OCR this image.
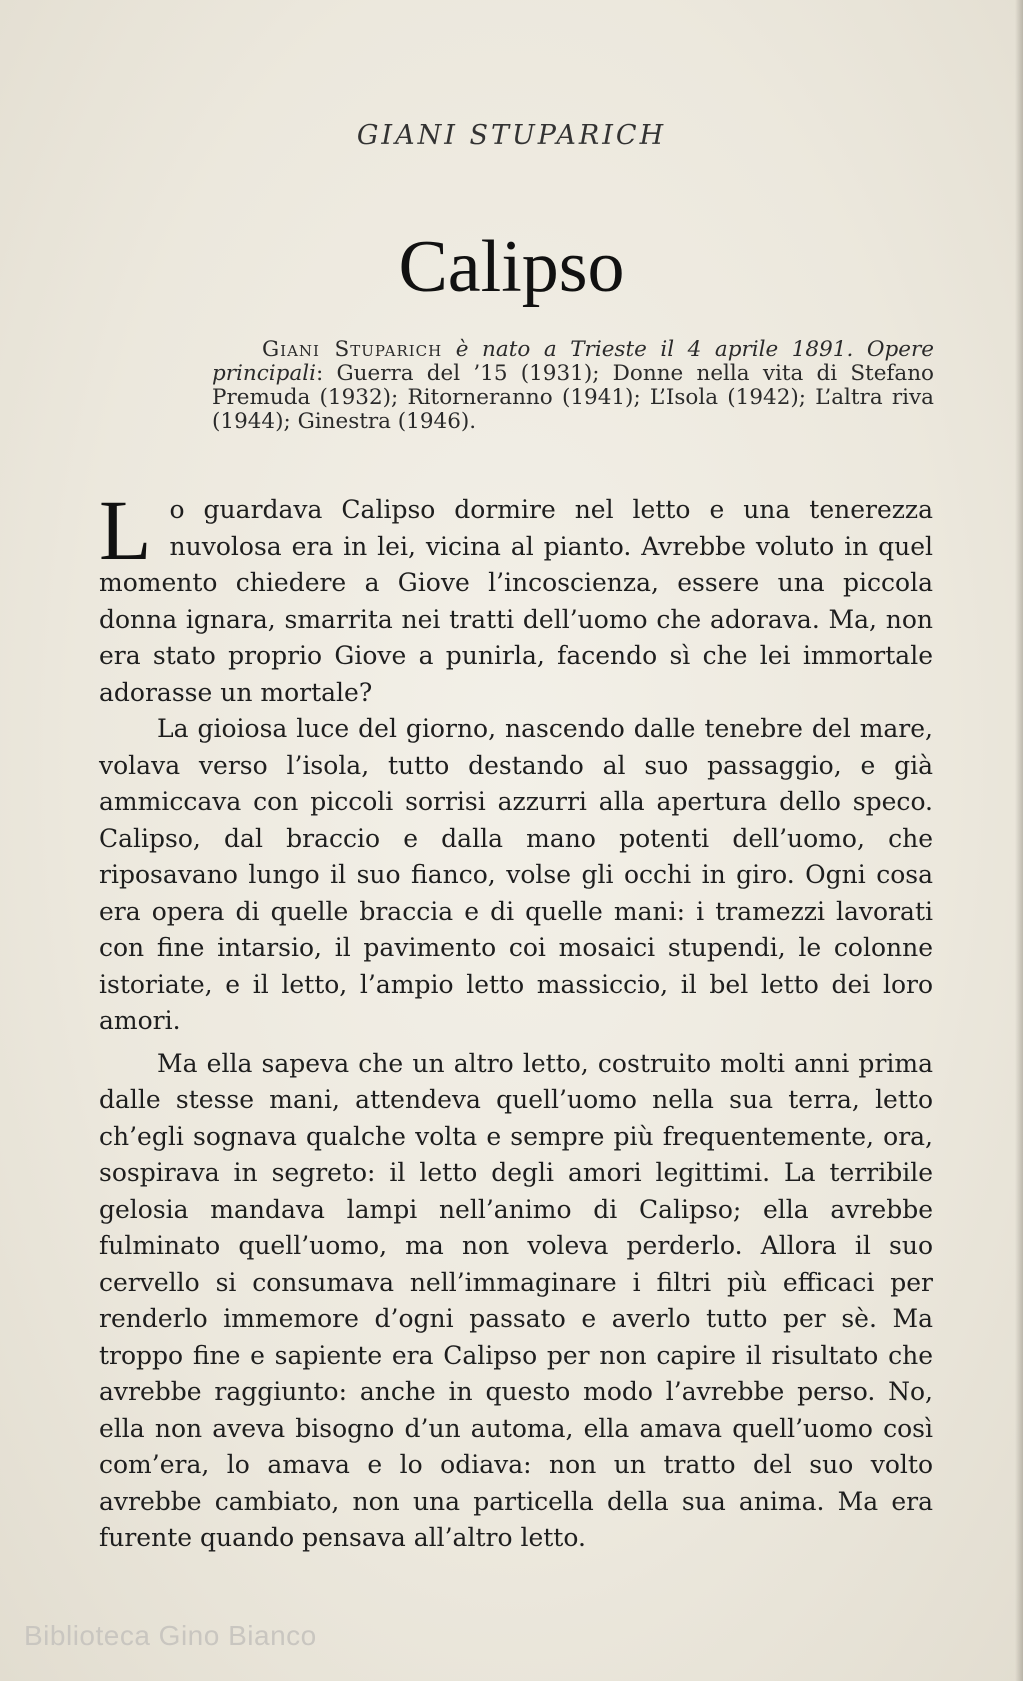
GIANI STUPARICH
Calipso
Giani Stuparich è nato a Trieste il 4 aprile 1891. Opere principali: Guerra del ’15 (1931); Donne nella vita di Stefano Premuda (1932); Ritorneranno (1941); L’Isola (1942); L’altra riva (1944); Ginestra (1946).

Lo guardava Calipso dormire nel letto e una tenerezza nuvolosa era in lei, vicina al pianto. Avrebbe voluto in quel momento chiedere a Giove l’incoscienza, essere una piccola donna ignara, smarrita nei tratti dell’uomo che adorava. Ma, non era stato proprio Giove a punirla, facendo sì che lei immortale adorasse un mortale?

La gioiosa luce del giorno, nascendo dalle tenebre del mare, volava verso l’isola, tutto destando al suo passaggio, e già ammiccava con piccoli sorrisi azzurri alla apertura dello speco. Calipso, dal braccio e dalla mano potenti dell’uomo, che riposavano lungo il suo fianco, volse gli occhi in giro. Ogni cosa era opera di quelle braccia e di quelle mani: i tramezzi lavorati con fine intarsio, il pavimento coi mosaici stupendi, le colonne istoriate, e il letto, l’ampio letto massiccio, il bel letto dei loro amori.

Ma ella sapeva che un altro letto, costruito molti anni prima dalle stesse mani, attendeva quell’uomo nella sua terra, letto ch’egli sognava qualche volta e sempre più frequentemente, ora, sospirava in segreto: il letto degli amori legittimi. La terribile gelosia mandava lampi nell’animo di Calipso; ella avrebbe fulminato quell’uomo, ma non voleva perderlo. Allora il suo cervello si consumava nell’immaginare i filtri più efficaci per renderlo immemore d’ogni passato e averlo tutto per sè. Ma troppo fine e sapiente era Calipso per non capire il risultato che avrebbe raggiunto: anche in questo modo l’avrebbe perso. No, ella non aveva bisogno d’un automa, ella amava quell’uomo così com’era, lo amava e lo odiava: non un tratto del suo volto avrebbe cambiato, non una particella della sua anima. Ma era furente quando pensava all’altro letto.

Biblioteca Gino Bianco
